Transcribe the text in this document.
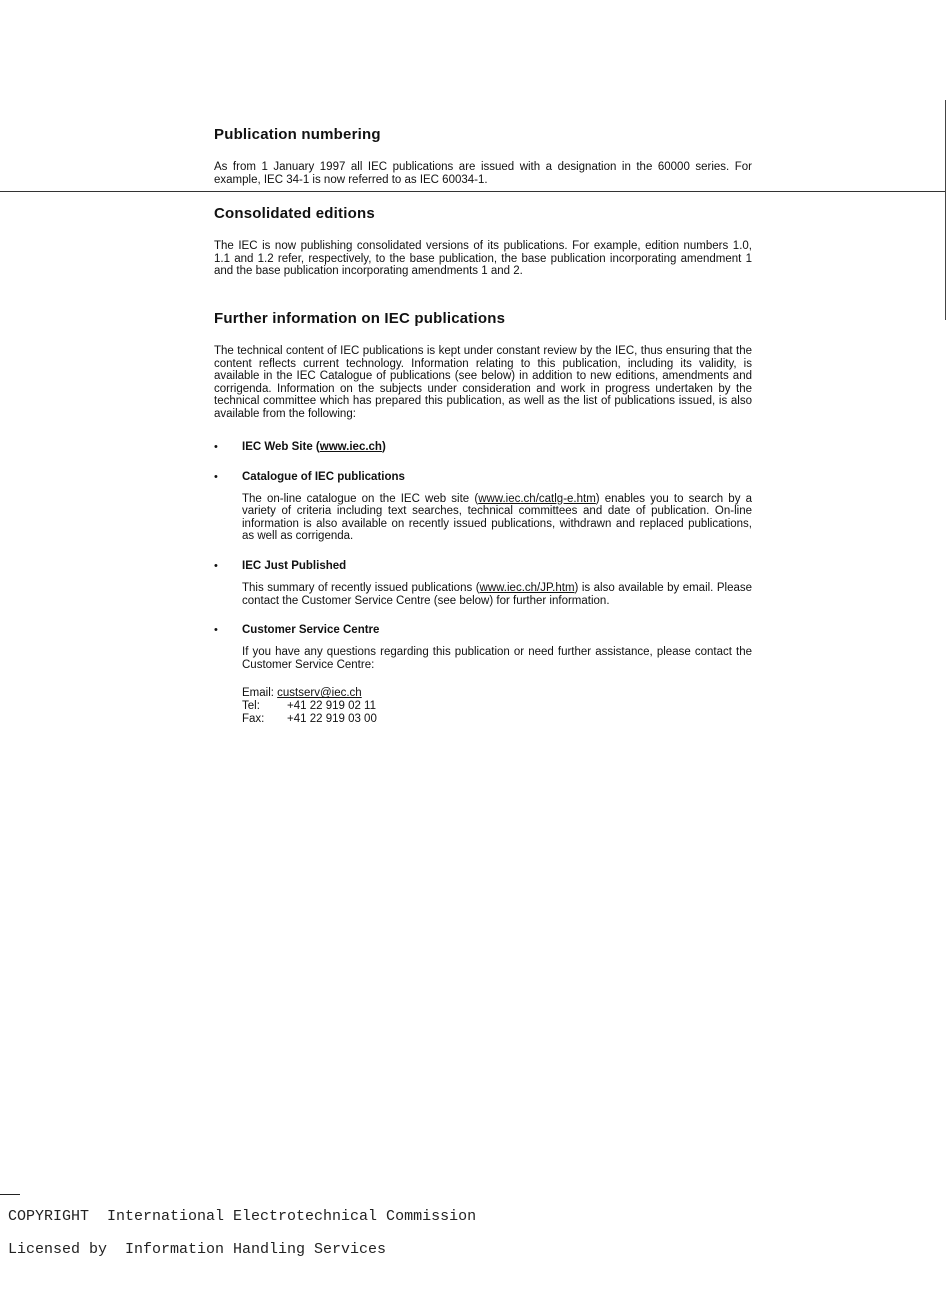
Publication numbering

As from 1 January 1997 all IEC publications are issued with a designation in the 60000 series. For example, IEC 34-1 is now referred to as IEC 60034-1.

Consolidated editions

The IEC is now publishing consolidated versions of its publications. For example, edition numbers 1.0, 1.1 and 1.2 refer, respectively, to the base publication, the base publication incorporating amendment 1 and the base publication incorporating amendments 1 and 2.

Further information on IEC publications

The technical content of IEC publications is kept under constant review by the IEC, thus ensuring that the content reflects current technology. Information relating to this publication, including its validity, is available in the IEC Catalogue of publications (see below) in addition to new editions, amendments and corrigenda. Information on the subjects under consideration and work in progress undertaken by the technical committee which has prepared this publication, as well as the list of publications issued, is also available from the following:

• IEC Web Site (www.iec.ch)
• Catalogue of IEC publications

The on-line catalogue on the IEC web site (www.iec.ch/catlg-e.htm) enables you to search by a variety of criteria including text searches, technical committees and date of publication. On-line information is also available on recently issued publications, withdrawn and replaced publications, as well as corrigenda.

• IEC Just Published

This summary of recently issued publications (www.iec.ch/JP.htm) is also available by email. Please contact the Customer Service Centre (see below) for further information.

• Customer Service Centre

If you have any questions regarding this publication or need further assistance, please contact the Customer Service Centre:

Email: custserv@iec.ch
Tel: +41 22 919 02 11
Fax: +41 22 919 03 00
COPYRIGHT  International Electrotechnical Commission
Licensed by  Information Handling Services
